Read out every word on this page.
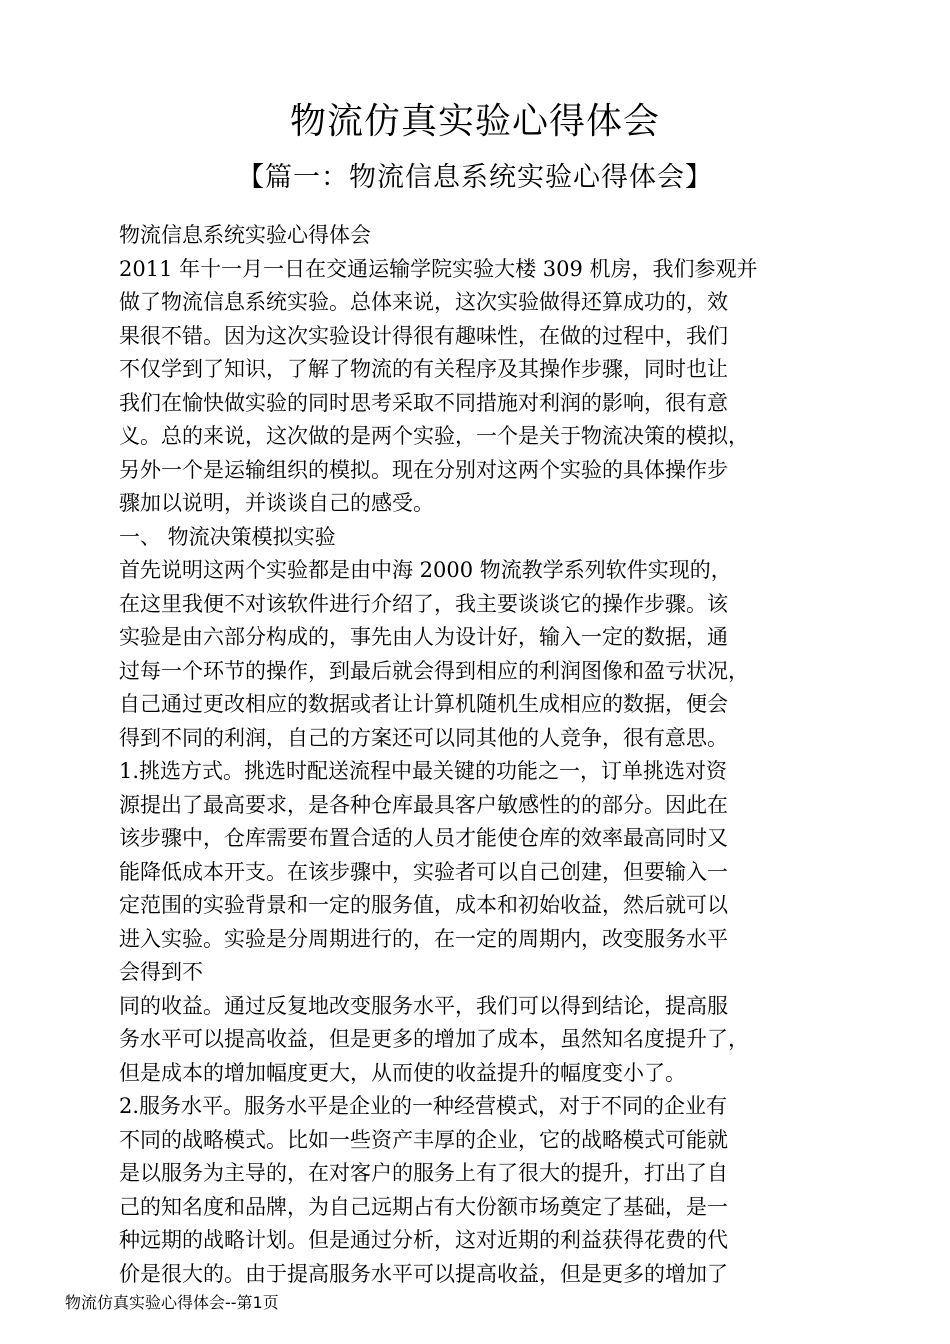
物流仿真实验心得体会
【篇一：物流信息系统实验心得体会】
物流信息系统实验心得体会
2011 年十一月一日在交通运输学院实验大楼 309 机房，我们参观并
做了物流信息系统实验。总体来说，这次实验做得还算成功的，效
果很不错。因为这次实验设计得很有趣味性，在做的过程中，我们
不仅学到了知识，了解了物流的有关程序及其操作步骤，同时也让
我们在愉快做实验的同时思考采取不同措施对利润的影响，很有意
义。总的来说，这次做的是两个实验，一个是关于物流决策的模拟，
另外一个是运输组织的模拟。现在分别对这两个实验的具体操作步
骤加以说明，并谈谈自己的感受。
一、 物流决策模拟实验
首先说明这两个实验都是由中海 2000 物流教学系列软件实现的，
在这里我便不对该软件进行介绍了，我主要谈谈它的操作步骤。该
实验是由六部分构成的，事先由人为设计好，输入一定的数据，通
过每一个环节的操作，到最后就会得到相应的利润图像和盈亏状况，
自己通过更改相应的数据或者让计算机随机生成相应的数据，便会
得到不同的利润，自己的方案还可以同其他的人竞争，很有意思。
1.挑选方式。挑选时配送流程中最关键的功能之一，订单挑选对资
源提出了最高要求，是各种仓库最具客户敏感性的的部分。因此在
该步骤中，仓库需要布置合适的人员才能使仓库的效率最高同时又
能降低成本开支。在该步骤中，实验者可以自己创建，但要输入一
定范围的实验背景和一定的服务值，成本和初始收益，然后就可以
进入实验。实验是分周期进行的，在一定的周期内，改变服务水平
会得到不
同的收益。通过反复地改变服务水平，我们可以得到结论，提高服
务水平可以提高收益，但是更多的增加了成本，虽然知名度提升了，
但是成本的增加幅度更大，从而使的收益提升的幅度变小了。
2.服务水平。服务水平是企业的一种经营模式，对于不同的企业有
不同的战略模式。比如一些资产丰厚的企业，它的战略模式可能就
是以服务为主导的，在对客户的服务上有了很大的提升，打出了自
己的知名度和品牌，为自己远期占有大份额市场奠定了基础，是一
种远期的战略计划。但是通过分析，这对近期的利益获得花费的代
价是很大的。由于提高服务水平可以提高收益，但是更多的增加了
物流仿真实验心得体会--第1页
